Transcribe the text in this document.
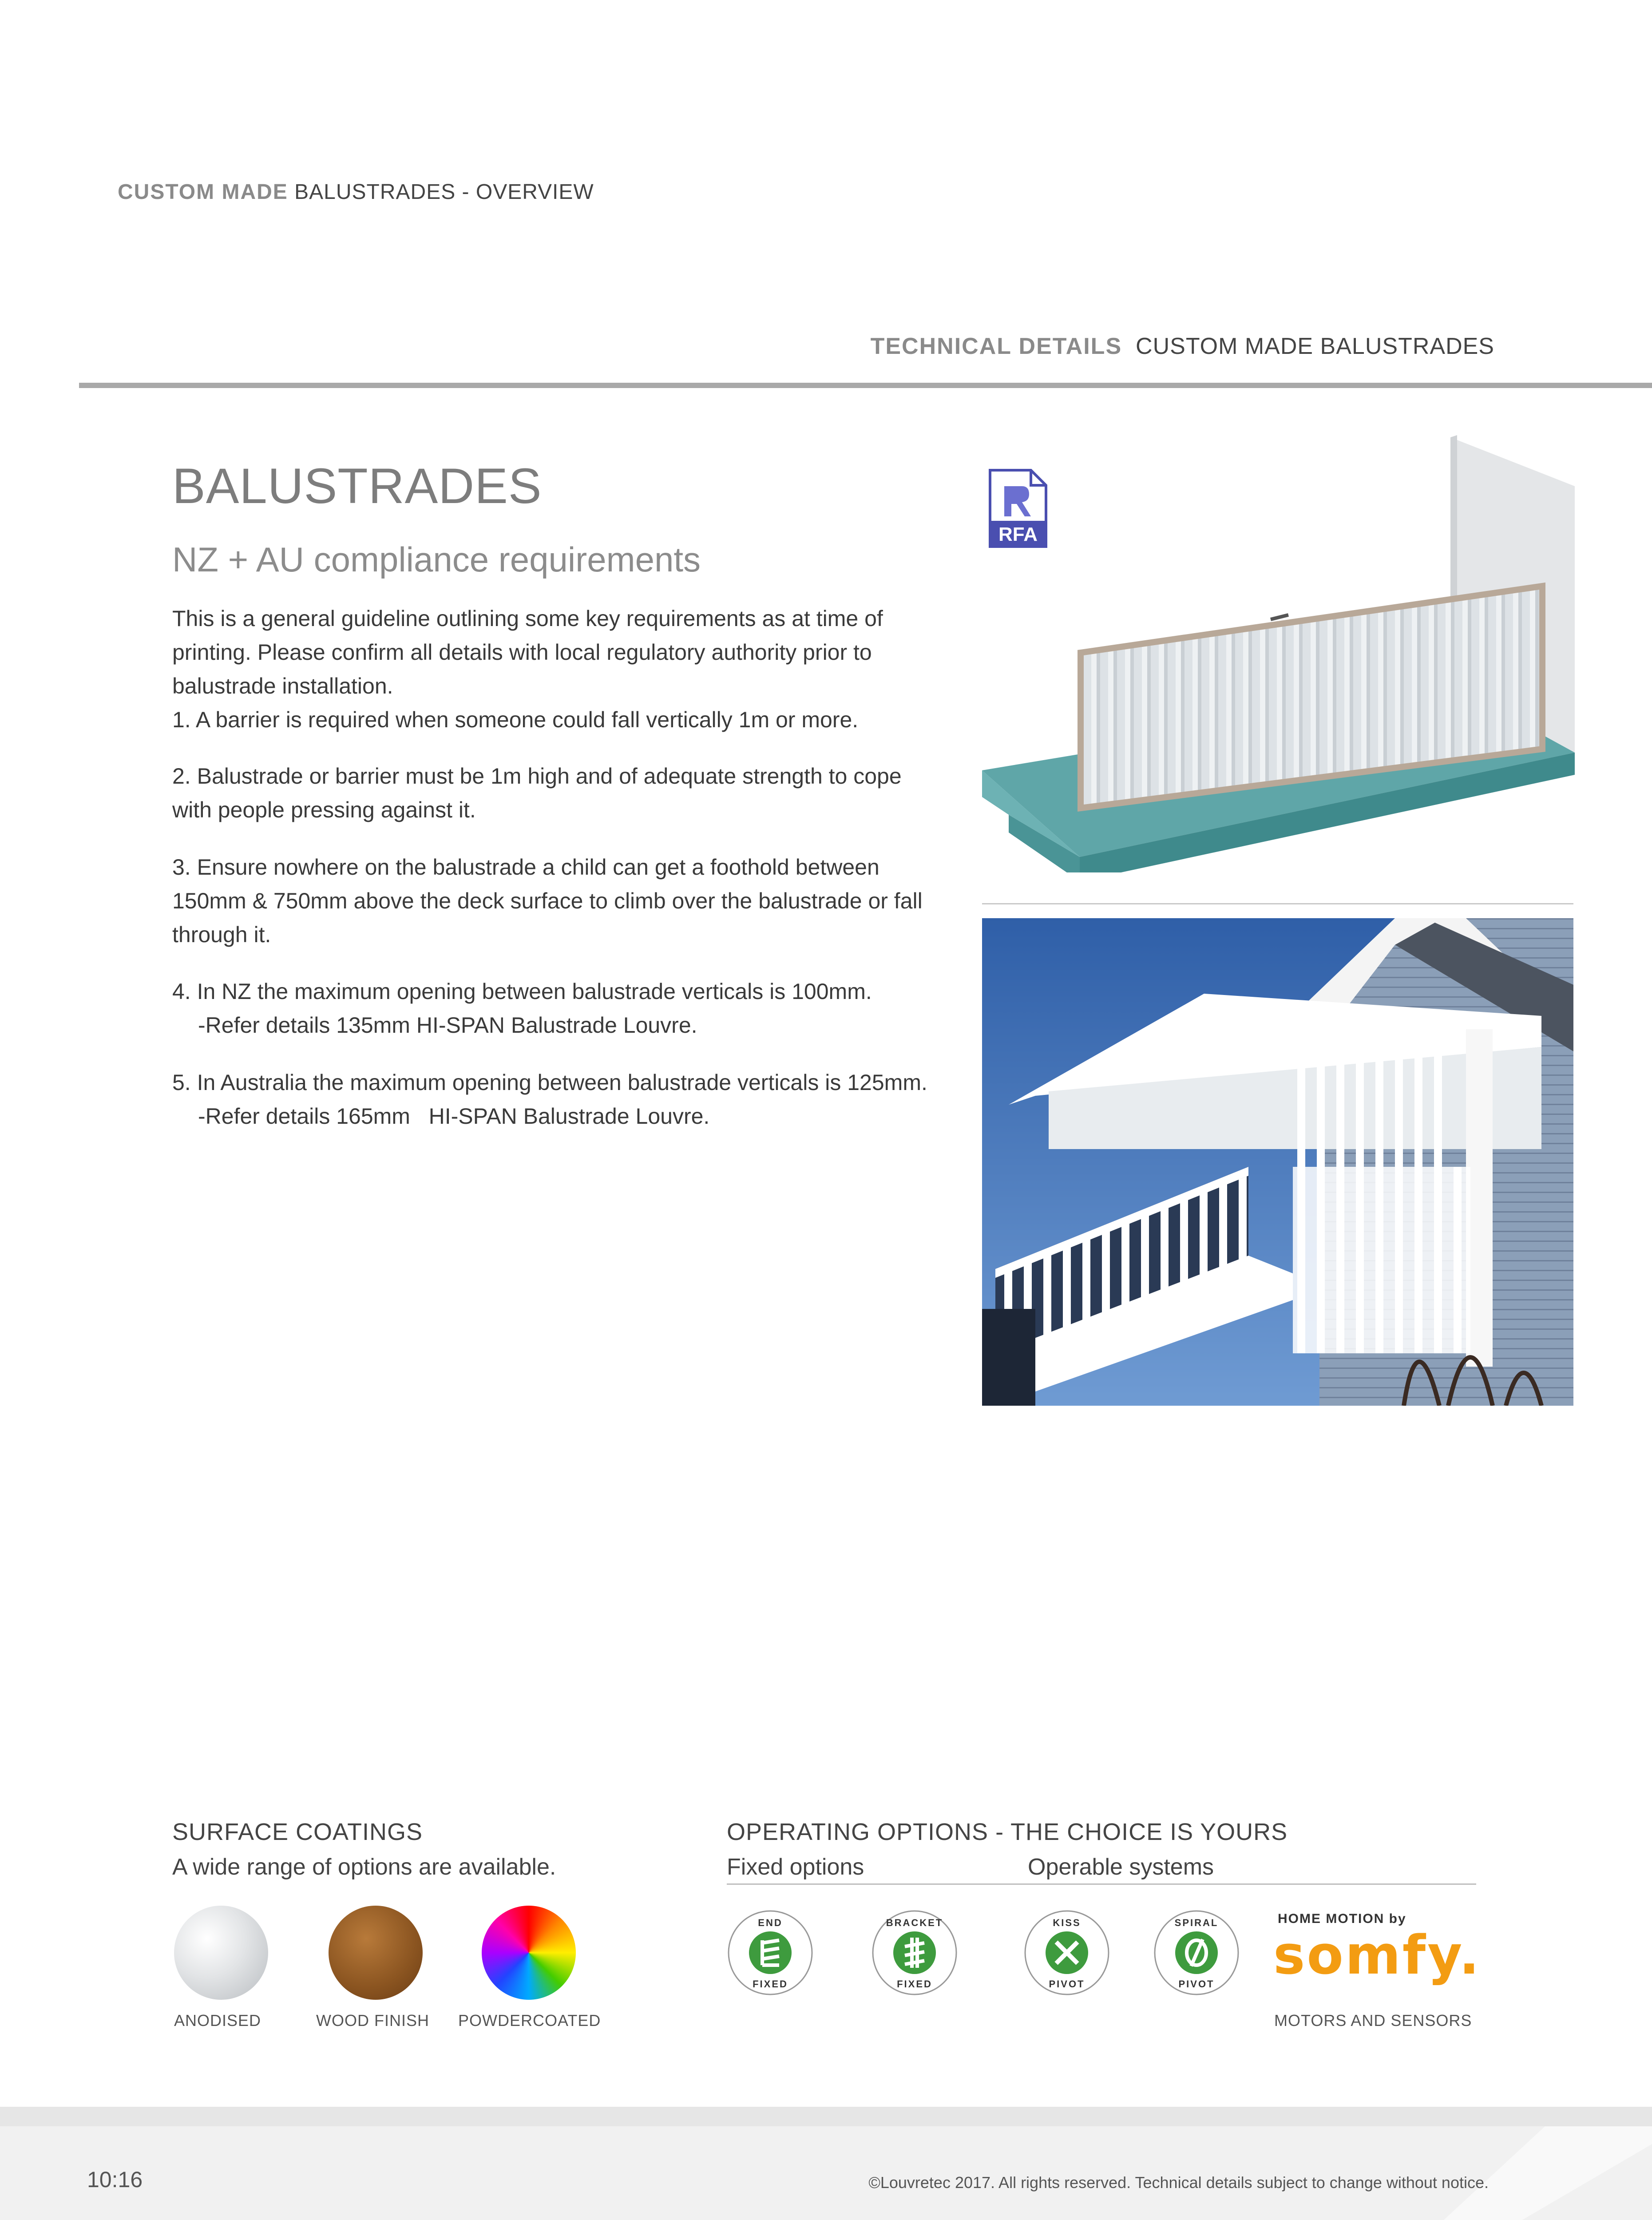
CUSTOM MADE BALUSTRADES - OVERVIEW
TECHNICAL DETAILS  CUSTOM MADE BALUSTRADES
BALUSTRADES
NZ + AU compliance requirements

This is a general guideline outlining some key requirements as at time of printing. Please confirm all details with local regulatory authority prior to balustrade installation.

1. A barrier is required when someone could fall vertically 1m or more.

2. Balustrade or barrier must be 1m high and of adequate strength to cope with people pressing against it.
3. Ensure nowhere on the balustrade a child can get a foothold between 150mm & 750mm above the deck surface to climb over the balustrade or fall through it.

4. In NZ the maximum opening between balustrade verticals is 100mm.

-Refer details 135mm HI-SPAN Balustrade Louvre.

5. In Australia the maximum opening between balustrade verticals is 125mm.

-Refer details 165mm   HI-SPAN Balustrade Louvre.

RFA
SURFACE COATINGS
A wide range of options are available.
ANODISED	WOOD FINISH POWDERCOATED
OPERATING OPTIONS - THE CHOICE IS YOURS
Fixed options	Operable systems
END
FIXED
BRACKET
FIXED
KISS
PIVOT
SPIRAL
PIVOT
HOME MOTION by
somfy.
MOTORS AND SENSORS
10:16	©Louvretec 2017. All rights reserved. Technical details subject to change without notice.
